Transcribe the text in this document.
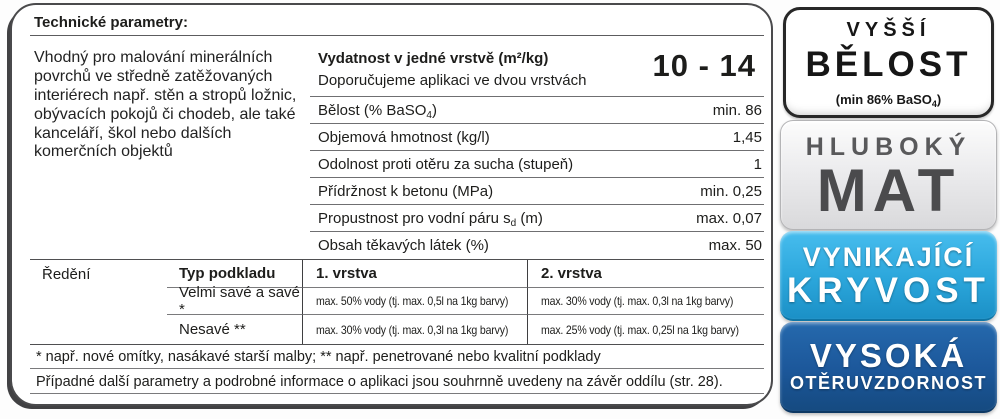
Technické parametry:
Vhodný pro malování minerálních povrchů ve středně zatěžovaných interiérech např. stěn a stropů ložnic, obývacích pokojů či chodeb, ale také kanceláří, škol nebo dalších komerčních objektů
Vydatnost v jedné vrstvě (m²/kg)
Doporučujeme aplikaci ve dvou vrstvách 10 - 14
Bělost (% BaSO$_4$)	min. 86
Objemová hmotnost (kg/l)	1,45
Odolnost proti otěru za sucha (stupeň)	1
Přídržnost k betonu (MPa)	min. 0,25
Propustnost pro vodní páru $s_d$ (m)	max. 0,07
Obsah těkavých látek (%)	max. 50
Ředění	Typ podkladu	1. vrstva	2. vrstva
Velmi savé a savé *	max. 50% vody (tj. max. 0,5l na 1kg barvy)	max. 30% vody (tj. max. 0,3l na 1kg barvy)
Nesavé **	max. 30% vody (tj. max. 0,3l na 1kg barvy)	max. 25% vody (tj. max. 0,25l na 1kg barvy)
* např. nové omítky, nasákavé starší malby; ** např. penetrované nebo kvalitní podklady
Případné další parametry a podrobné informace o aplikaci jsou souhrnně uvedeny na závěr oddílu (str. 28).
VYŠŠÍ
BĚLOST
(min 86% BaSO$_4$)
HLUBOKÝ
MAT
VYNIKAJÍCÍ
KRYVOST
VYSOKÁ
OTĚRUVZDORNOST
